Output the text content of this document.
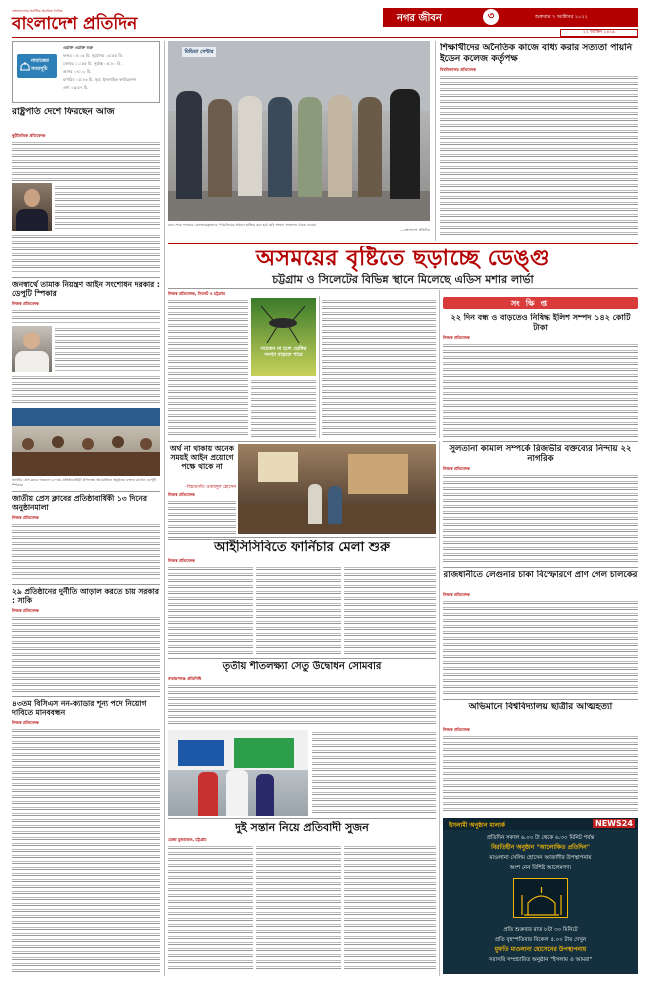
বাংলাদেশের সর্বাধিক প্রচারিত দৈনিক
বাংলাদেশ প্রতিদিন	নগর জীবন	৩	শুক্রবার ৭ অক্টোবর ২০২২
২২ আশ্বিন ১৪২৯
নামাজের
সময়সূচি
ওয়াক্ত ওয়াক্ত শুরু
ফজর ০৪:০৫ মি. সূর্যোদয় ০৫:৫৫ মি.
জোহর ১১:৫৫ মি. সূর্যাস্ত ০৫:৪০ মি.
আসর ০৪:০২ মি.
মাগরিব ০৫:৪৩ মি. সূত্র: ইসলামিক ফাউন্ডেশন
এশা ০৬:৫৭ মি.
রাষ্ট্রপতি দেশে ফিরছেন আজ
কূটনৈতিক প্রতিবেদক
জনস্বার্থে তামাক নিয়ন্ত্রণ আইন সংশোধন দরকার : ডেপুটি স্পিকার
নিজস্ব প্রতিবেদক
জাতীয় প্রেস ক্লাবে গতকাল ৬০তম প্রতিষ্ঠাবার্ষিকী উপলক্ষে আয়োজিত অনুষ্ঠানে বক্তব্য রাখেন ডেপুটি স্পিকার
জাতীয় প্রেস ক্লাবের প্রতিষ্ঠাবার্ষিকী ১৩ দিনের অনুষ্ঠানমালা
নিজস্ব প্রতিবেদক
২৯ প্রতিষ্ঠানের দুর্নীতি আড়াল করতে চায় সরকার : সাকি
নিজস্ব প্রতিবেদক
৪৩তম বিসিএস নন-ক্যাডার শূন্য পদে নিয়োগ দাবিতে মানববন্ধন
নিজস্ব প্রতিবেদক
মিডিয়া সেন্টার
র‍্যাব সদর দফতরে গ্রেফতারকৃতদের গণমাধ্যমের সামনে হাজির করা হয়। ছবি সংবাদ সম্মেলন থেকে নেওয়া
—বাংলাদেশ প্রতিদিন
শিক্ষার্থীদের অনৈতিক কাজে বাধ্য করার সত্যতা পায়নি ইডেন কলেজ কর্তৃপক্ষ
বিশ্ববিদ্যালয় প্রতিবেদক
অসময়ের বৃষ্টিতে ছড়াচ্ছে ডেঙ্গু
চট্টগ্রাম ও সিলেটের বিভিন্ন স্থানে মিলেছে এডিস মশার লার্ভা
নিজস্ব প্রতিবেদক, সিলেট ও চট্টগ্রাম
সচেতন না হলে ডেঙ্গির সংখ্যা বাড়তে পারে
সংক্ষিপ্ত
২২ দিন বন্ধ ও বাড়তেও নিষিদ্ধ ইলিশ সম্পদ ১৪২ কোটি টাকা
নিজস্ব প্রতিবেদক
অর্থ না থাকায় অনেক সময়ই আইন প্রয়োগে পক্ষে থাকে না
-বিচারপতি ওবায়দুল হোসেন
নিজস্ব প্রতিবেদক
আইসিসিবিতে ফার্নিচার মেলা শুরু
নিজস্ব প্রতিবেদক
সুলতানা কামাল সম্পর্কে রিজভীর বক্তব্যের নিন্দায় ২২ নাগরিক
নিজস্ব প্রতিবেদক
রাজধানীতে লেগুনার চাকা বিস্ফোরণে প্রাণ গেল চালকের
নিজস্ব প্রতিবেদক
অভিমানে বিশ্ববিদ্যালয় ছাত্রীর আত্মহত্যা
নিজস্ব প্রতিবেদক
তৃতীয় শীতলক্ষ্যা সেতু উদ্বোধন সোমবার
নারায়ণগঞ্জ প্রতিনিধি
দুই সন্তান নিয়ে প্রতিবাদী সুজন
রেজা মুজাম্মেল, চট্টগ্রাম
ইসলামী অনুষ্ঠান মালার্ক	NEWS24
প্রতিদিন সকাল ৬.০০ টা থেকে ৬.৩০ মিনিট পর্যন্ত
বিরতিহীন অনুষ্ঠান "আলোকিত প্রতিদিন"
মাওলানা সেলিম হোসেন আজাদীর উপস্থাপনায়
অংশ নেন বিশিষ্ট আলেমগণ।
প্রতি শুক্রবার রাত ৮টা ৩০ মিনিটে
প্রতি বৃহস্পতিবার বিকেল ৫.০০ টায় দেখুন
মুফতি মাওলানা হোসেনের উপস্থাপনায়
সরাসরি সম্প্রচারিত অনুষ্ঠান "ইসলাম ও আমরা"
